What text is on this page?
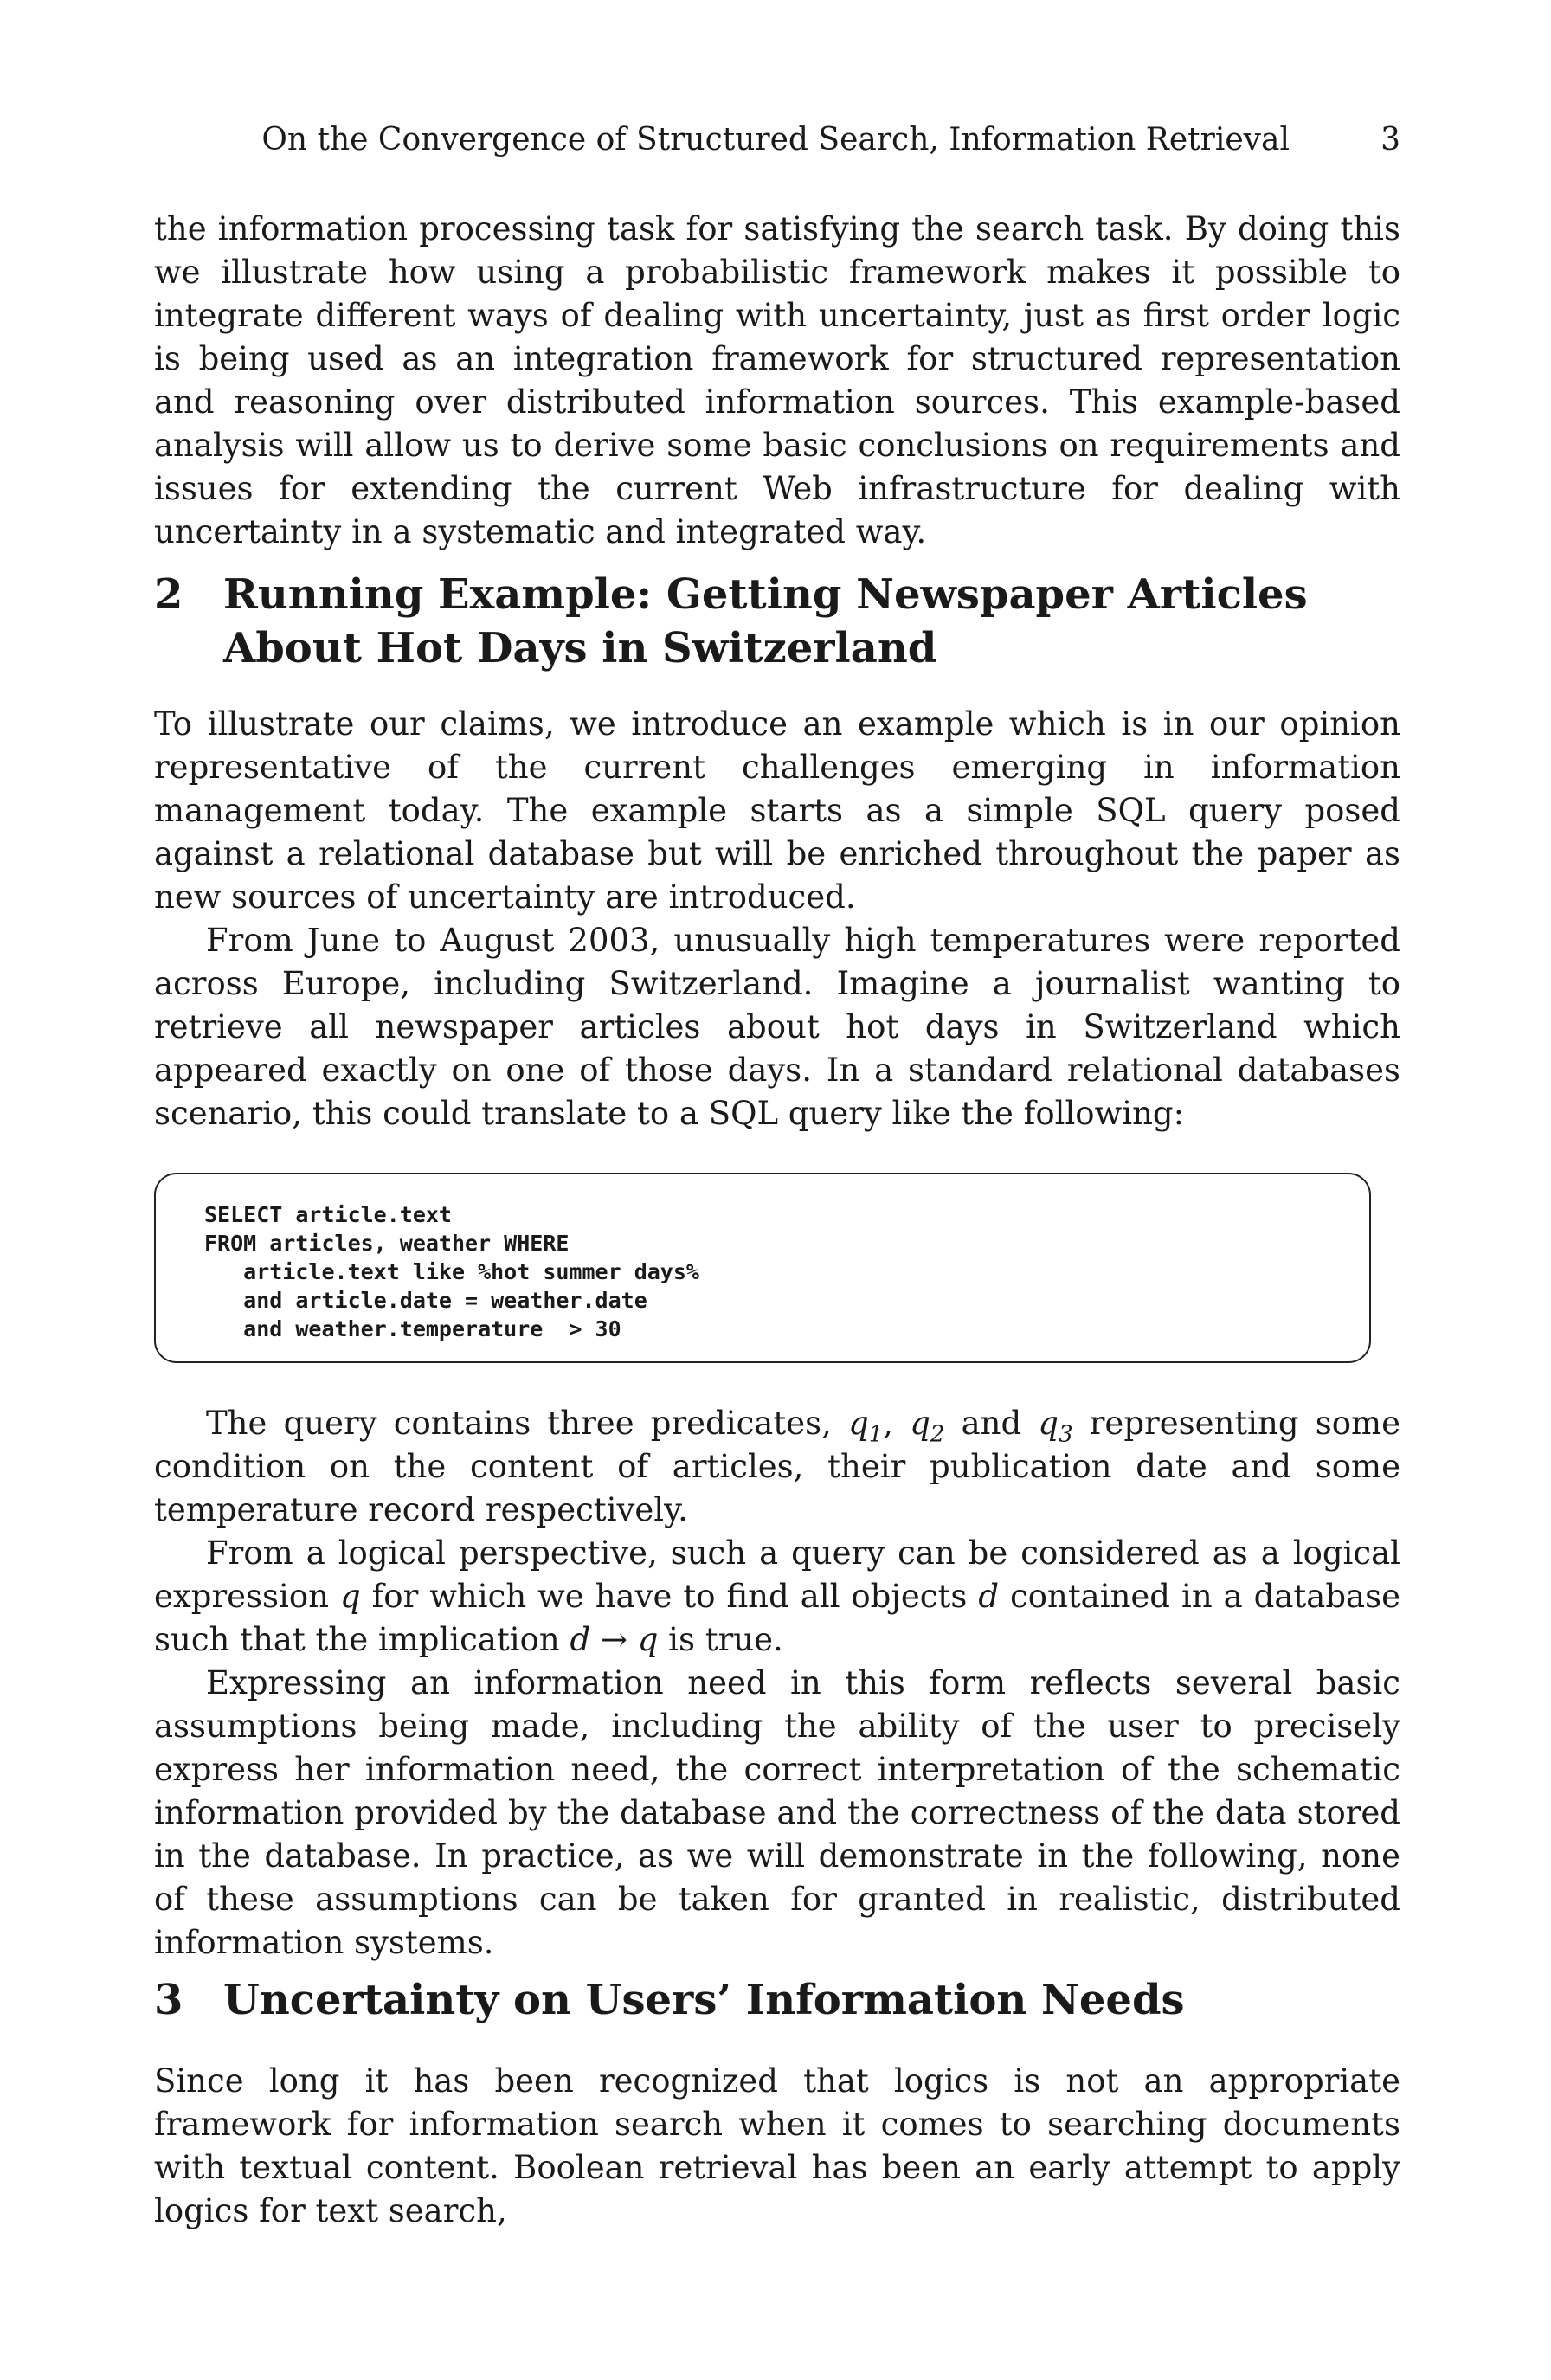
On the Convergence of Structured Search, Information Retrieval	3

the information processing task for satisfying the search task. By doing this we illustrate how using a probabilistic framework makes it possible to integrate different ways of dealing with uncertainty, just as first order logic is being used as an integration framework for structured representation and reasoning over distributed information sources. This example-based analysis will allow us to derive some basic conclusions on requirements and issues for extending the current Web infrastructure for dealing with uncertainty in a systematic and integrated way.

2 Running Example: Getting Newspaper Articles About Hot Days in Switzerland

To illustrate our claims, we introduce an example which is in our opinion representative of the current challenges emerging in information management today. The example starts as a simple SQL query posed against a relational database but will be enriched throughout the paper as new sources of uncertainty are introduced.

From June to August 2003, unusually high temperatures were reported across Europe, including Switzerland. Imagine a journalist wanting to retrieve all newspaper articles about hot days in Switzerland which appeared exactly on one of those days. In a standard relational databases scenario, this could translate to a SQL query like the following:

SELECT article.text
FROM articles, weather WHERE
article.text like %hot summer days%
and article.date = weather.date
and weather.temperature  > 30

The query contains three predicates, $q_1$, $q_2$ and $q_3$ representing some condition on the content of articles, their publication date and some temperature record respectively.

From a logical perspective, such a query can be considered as a logical expression q for which we have to find all objects d contained in a database such that the implication d → q is true.

Expressing an information need in this form reflects several basic assumptions being made, including the ability of the user to precisely express her information need, the correct interpretation of the schematic information provided by the database and the correctness of the data stored in the database. In practice, as we will demonstrate in the following, none of these assumptions can be taken for granted in realistic, distributed information systems.

3 Uncertainty on Users’ Information Needs

Since long it has been recognized that logics is not an appropriate framework for information search when it comes to searching documents with textual content. Boolean retrieval has been an early attempt to apply logics for text search,
